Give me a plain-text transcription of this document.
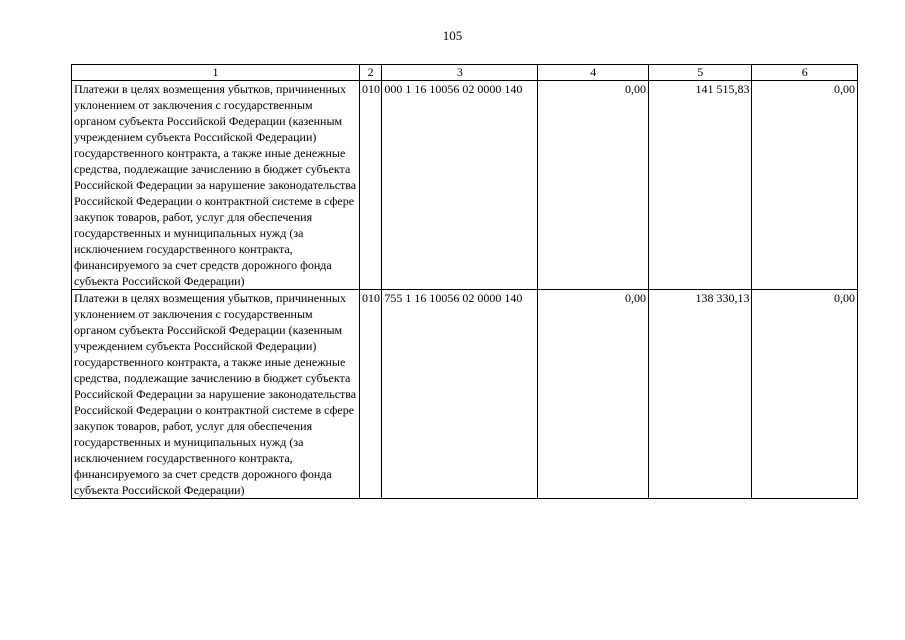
105
1	2	3	4	5	6
Платежи в целях возмещения убытков, причиненных уклонением от заключения с государственным органом субъекта Российской Федерации (казенным учреждением субъекта Российской Федерации) государственного контракта, а также иные денежные средства, подлежащие зачислению в бюджет субъекта Российской Федерации за нарушение законодательства Российской Федерации о контрактной системе в сфере закупок товаров, работ, услуг для обеспечения государственных и муниципальных нужд (за исключением государственного контракта, финансируемого за счет средств дорожного фонда субъекта Российской Федерации)	010	000 1 16 10056 02 0000 140	0,00	141 515,83	0,00
Платежи в целях возмещения убытков, причиненных уклонением от заключения с государственным органом субъекта Российской Федерации (казенным учреждением субъекта Российской Федерации) государственного контракта, а также иные денежные средства, подлежащие зачислению в бюджет субъекта Российской Федерации за нарушение законодательства Российской Федерации о контрактной системе в сфере закупок товаров, работ, услуг для обеспечения государственных и муниципальных нужд (за исключением государственного контракта, финансируемого за счет средств дорожного фонда субъекта Российской Федерации)	010	755 1 16 10056 02 0000 140	0,00	138 330,13	0,00
